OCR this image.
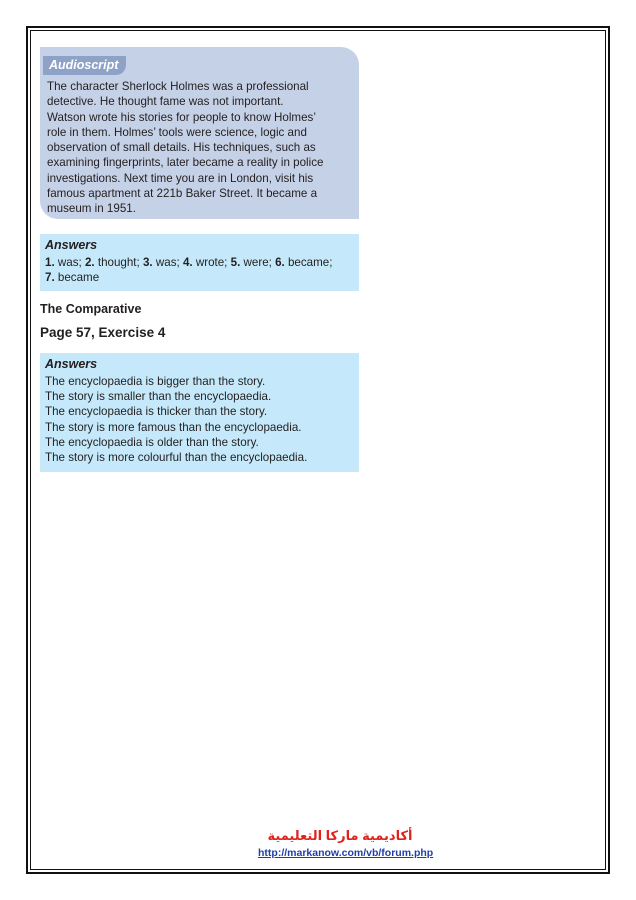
Audioscript

The character Sherlock Holmes was a professional
detective. He thought fame was not important.
Watson wrote his stories for people to know Holmes’
role in them. Holmes’ tools were science, logic and
observation of small details. His techniques, such as
examining fingerprints, later became a reality in police
investigations. Next time you are in London, visit his
famous apartment at 221b Baker Street. It became a
museum in 1951.

Answers

1. was; 2. thought; 3. was; 4. wrote; 5. were; 6. became;
7. became

The Comparative
Page 57, Exercise 4
Answers

The encyclopaedia is bigger than the story.
The story is smaller than the encyclopaedia.
The encyclopaedia is thicker than the story.
The story is more famous than the encyclopaedia.
The encyclopaedia is older than the story.
The story is more colourful than the encyclopaedia.

أكاديمية ماركا التعليمية
http://markanow.com/vb/forum.php
